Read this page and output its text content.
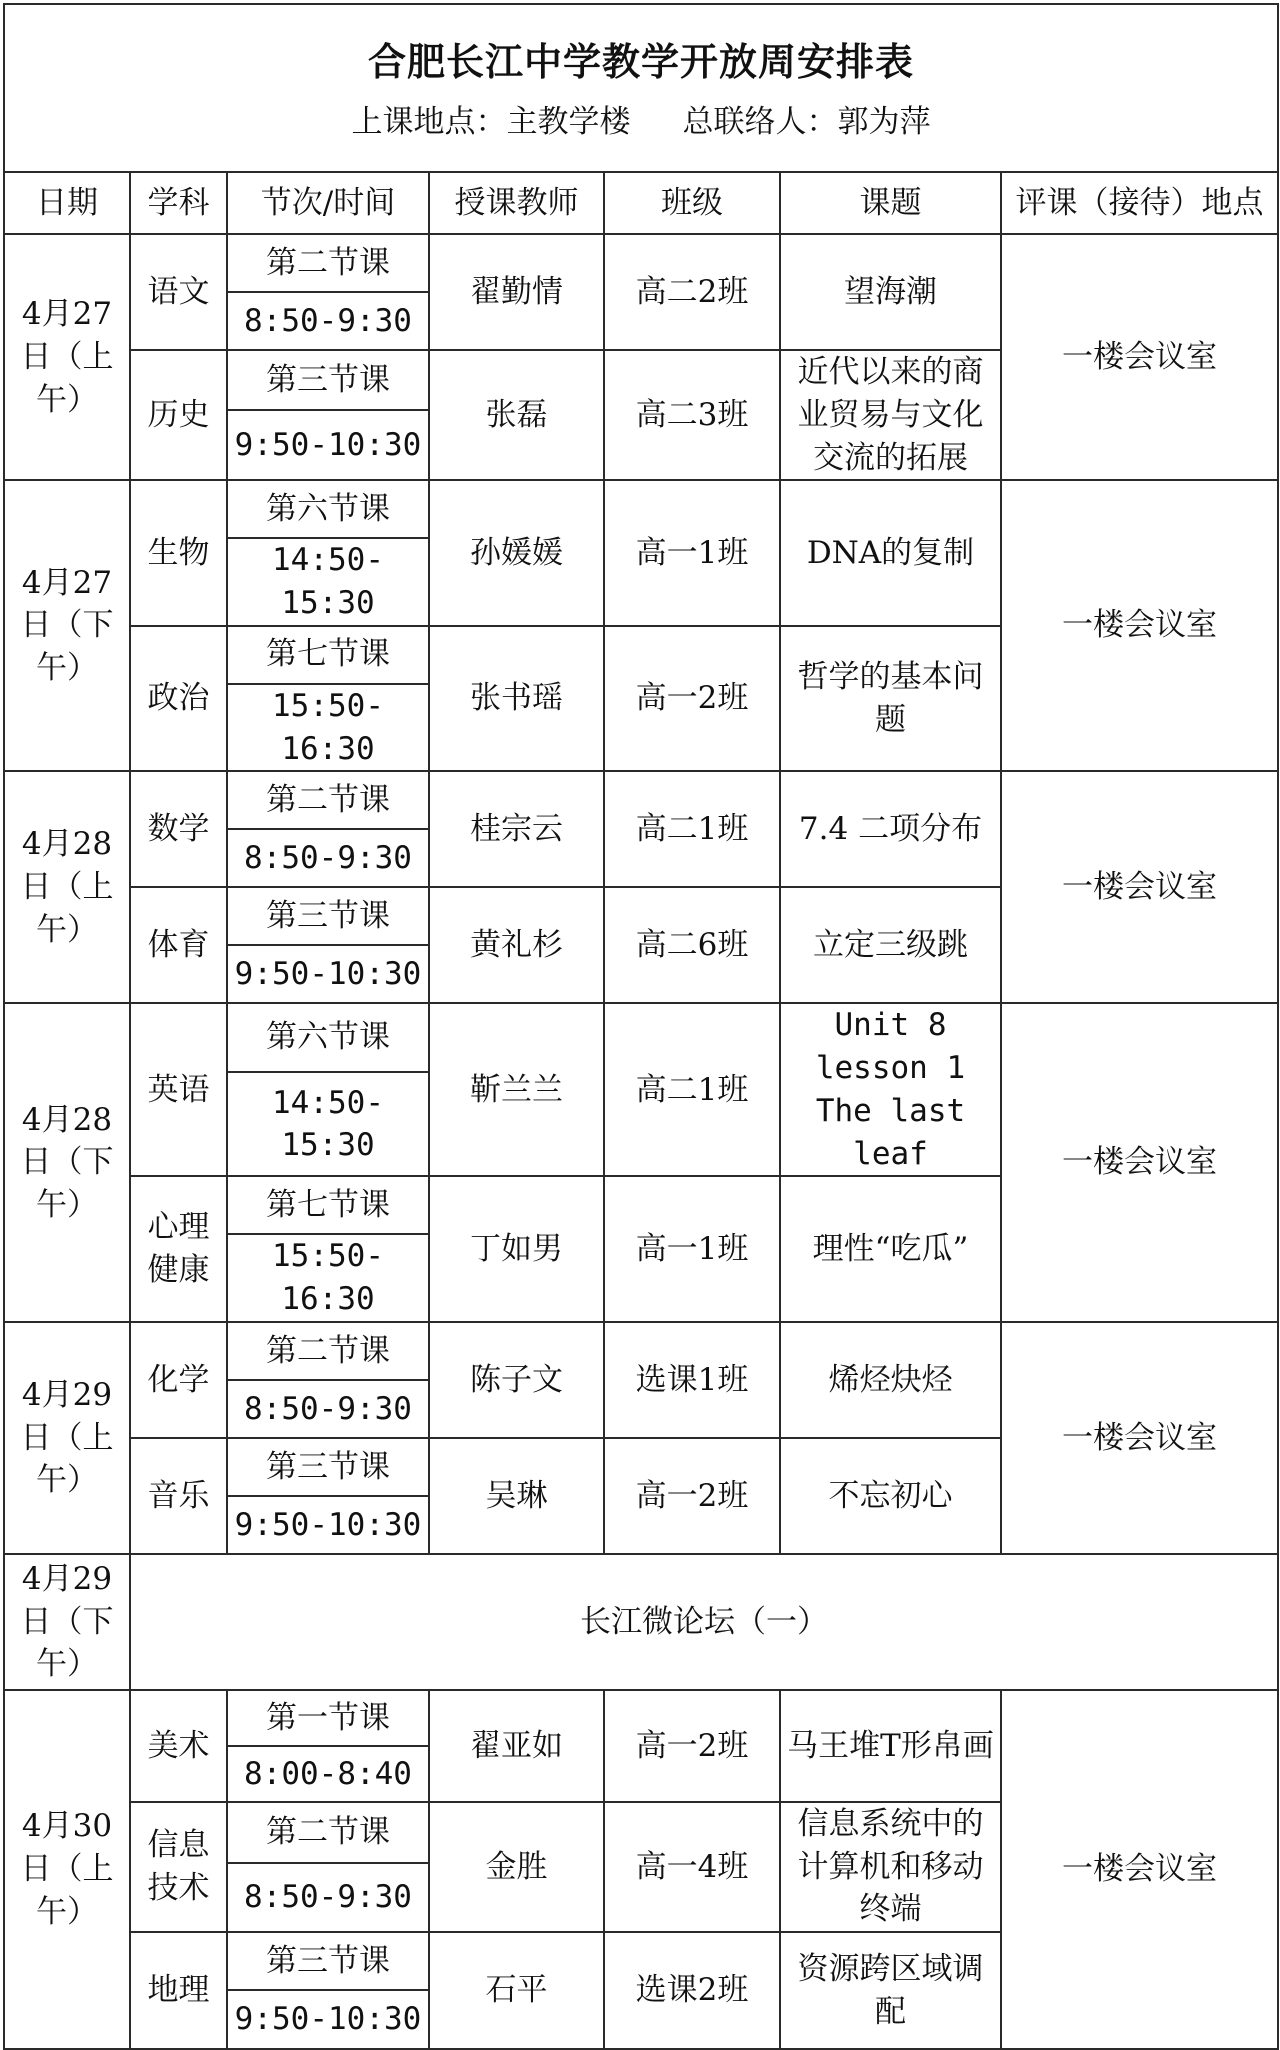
合肥长江中学教学开放周安排表
上课地点：主教学楼 总联络人：郭为萍						

日期	学科	节次/时间	授课教师	班级	课题	评课（接待）地点
4月27日（上午）	语文	第二节课	翟勤情	高二2班	望海潮	一楼会议室
		8:50-9:30				
	历史	第三节课	张磊	高二3班	近代以来的商业贸易与文化交流的拓展	
		9:50-10:30				
4月27日（下午）	生物	第六节课	孙媛媛	高一1班	DNA的复制	一楼会议室
		14:50-15:30				
	政治	第七节课	张书瑶	高一2班	哲学的基本问题	
		15:50-16:30				
4月28日（上午）	数学	第二节课	桂宗云	高二1班	7.4 二项分布	一楼会议室
		8:50-9:30				
	体育	第三节课	黄礼杉	高二6班	立定三级跳	
		9:50-10:30				
4月28日（下午）	英语	第六节课	靳兰兰	高二1班	Unit 8 lesson 1 The last leaf	一楼会议室
		14:50-15:30				
	心理健康	第七节课	丁如男	高一1班	理性“吃瓜”	
		15:50-16:30				
4月29日（上午）	化学	第二节课	陈子文	选课1班	烯烃炔烃	一楼会议室
		8:50-9:30				
	音乐	第三节课	吴琳	高一2班	不忘初心	
		9:50-10:30				
4月29日（下午）	长江微论坛（一）					
4月30日（上午）	美术	第一节课	翟亚如	高一2班	马王堆T形帛画	一楼会议室
		8:00-8:40				
	信息技术	第二节课	金胜	高一4班	信息系统中的计算机和移动终端	
		8:50-9:30				
	地理	第三节课	石平	选课2班	资源跨区域调配	
		9:50-10:30				
